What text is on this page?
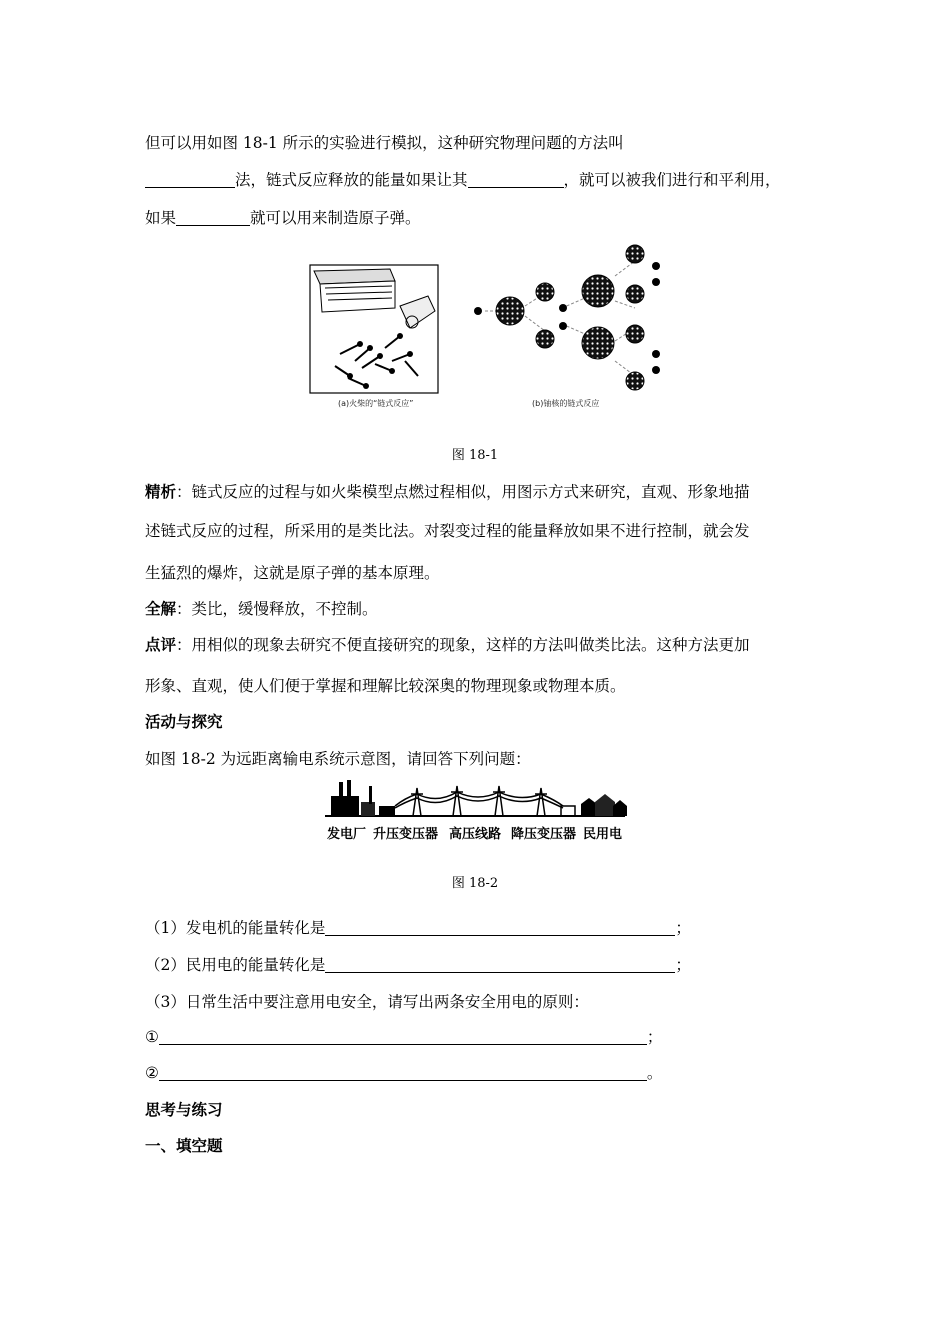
但可以用如图 18-1 所示的实验进行模拟，这种研究物理问题的方法叫
法，链式反应释放的能量如果让其	，就可以被我们进行和平利用，
如果	就可以用来制造原子弹。
(a)火柴的“链式反应”	(b)铀核的链式反应
图 18-1
精析：链式反应的过程与如火柴模型点燃过程相似，用图示方式来研究，直观、形象地描
述链式反应的过程，所采用的是类比法。对裂变过程的能量释放如果不进行控制，就会发
生猛烈的爆炸，这就是原子弹的基本原理。
全解：类比，缓慢释放，不控制。
点评：用相似的现象去研究不便直接研究的现象，这样的方法叫做类比法。这种方法更加
形象、直观，使人们便于掌握和理解比较深奥的物理现象或物理本质。
活动与探究
如图 18-2 为远距离输电系统示意图，请回答下列问题：
发电厂 升压变压器 高压线路 降压变压器 民用电
图 18-2
（1）发电机的能量转化是	；
（2）民用电的能量转化是	；
（3）日常生活中要注意用电安全，请写出两条安全用电的原则：
①	；
②	。
思考与练习
一、填空题
